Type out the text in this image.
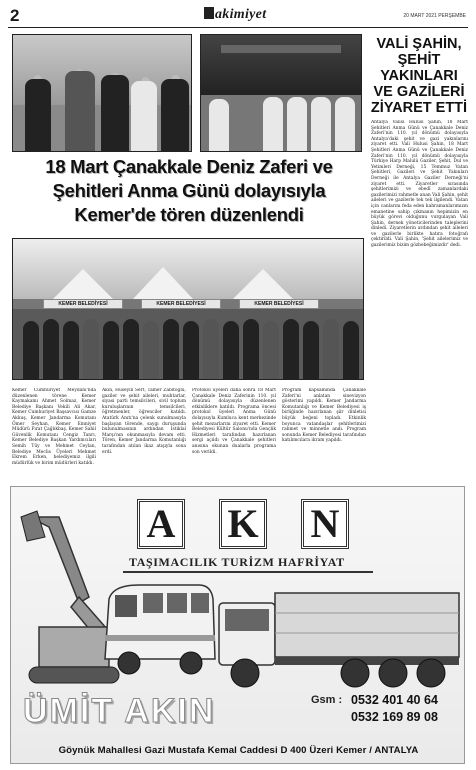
2	akimiyet	20 MART 2021 PERŞEMBE
VALİ ŞAHİN,
ŞEHİT
YAKINLARI
VE GAZİLERİ
ZİYARET ETTİ
18 Mart Çanakkale Deniz Zaferi ve
Şehitleri Anma Günü dolayısıyla
Kemer'de tören düzenlendi
Antalya Valisi Hulusi Şahin, 18 Mart Şehitleri Anma Günü ve Çanakkale Deniz Zaferi'nin 110. yıl dönümü dolayısıyla Antalya'daki şehit ve gazi yakınlarını ziyaret etti. Vali Hulusi Şahin, 18 Mart Şehitleri Anma Günü ve Çanakkale Deniz Zaferi'nin 110. yıl dönümü dolayısıyla Türkiye Harp Malulü Gaziler, Şehit, Dul ve Yetimleri Derneği, 15 Temmuz Vatan Şehitleri, Gazileri ve Şehit Yakınları Derneği ile Antalya Gaziler Derneği'ni ziyaret etti. Ziyaretler sırasında şehitlerimizi ve ebedî zamanlardaki gazilerimizi rahmetle anan Vali Şahin, şehit aileleri ve gazilerle tek tek ilgilendi. Vatan için canlarını feda eden kahramanlarımızın emanetine sahip çıkmanın hepimizin en büyük görevi olduğunu vurgulayan Vali Şahin, dernek yöneticilerinden taleplerini dinledi. Ziyaretlerin ardından şehit aileleri ve gazilerle birlikte hatıra fotoğrafı çektirildi. Vali Şahin, 'Şehit ailelerimiz ve gazilerimiz bizim gözbebeğimizdir' dedi.
KEMER BELEDİYESİ	KEMER BELEDİYESİ	KEMER BELEDİYESİ
Kemer Cumhuriyet Meydanı'nda düzenlenen törene Kemer Kaymakamı Ahmet Solmaz, Kemer Belediye Başkanı Vekili Ali Akar, Kemer Cumhuriyet Başsavcısı Gamze Akkuş, Kemer Jandarma Komutanı Ömer Seyhan, Kemer Emniyet Müdürü Fırat Çağlıkbaş, Kemer Sahil Güvenlik Komutanı Cengiz Tanrı, Kemer Belediye Başkan Yardımcıları Semih Tüy ve Mehmet Ceylan, Belediye Meclis Üyeleri Mehmet Ekrem Erken, belediyemiz ilgili müdürlük ve birim müdürleri katıldı.
Akın, Hüseyin Sert, Tamer Zabitoğlu, gaziler ve şehit aileleri, muhtarlar, siyasi parti temsilcileri, sivil toplum kuruluşlarının temsilcileri, öğretmenler, öğrenciler katıldı. Atatürk Anıtı'na çelenk sunulmasıyla başlayan törende, saygı duruşunda bulunulmasının ardından İstiklal Marşı'nın okunmasıyla devam etti. Tören, Kemer Jandarma Komutanlığı tarafından atılan ikaz atışıyla sona erdi.
Protokol üyeleri daha sonra 18 Mart Çanakkale Deniz Zaferinin 110. yıl dönümü dolayısıyla düzenlenen etkinliklere katıldı. Programa öncesi protokol üyeleri Anma Günü dolayısıyla Kumluca kent merkezinde şehit mezarlarını ziyaret etti. Kemer Belediyesi Kültür Salonu'nda Gençlik Hizmetleri tarafından hazırlanan sergi açıldı ve Çanakkale şehitleri anısına okunan dualarla programa son verildi.
Program kapsamında Çanakkale Zaferi'ni anlatan sinevizyon gösterimi yapıldı. Kemer Jandarma Komutanlığı ve Kemer Belediyesi iş birliğinde hazırlanan şiir dinletisi büyük beğeni topladı. Etkinlik boyunca vatandaşlar şehitlerimizi rahmet ve minnetle andı. Program sonunda Kemer Belediyesi tarafından katılımcılara ikram yapıldı.
A K N
TAŞIMACILIK TURİZM HAFRİYAT
ÜMİT AKIN	Gsm : 0532 401 40 64
0532 169 89 08
Göynük Mahallesi Gazi Mustafa Kemal Caddesi D 400 Üzeri Kemer / ANTALYA
